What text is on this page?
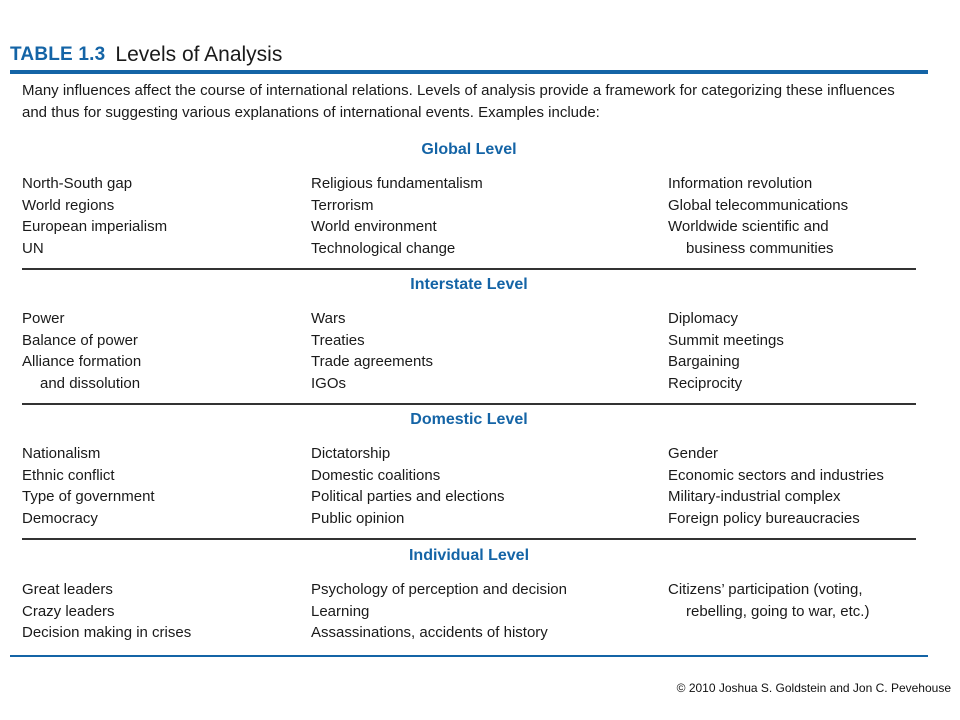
TABLE 1.3 Levels of Analysis
Many influences affect the course of international relations. Levels of analysis provide a framework for categorizing these influences and thus for suggesting various explanations of international events. Examples include:
Global Level
North-South gap
World regions
European imperialism
UN
Religious fundamentalism
Terrorism
World environment
Technological change
Information revolution
Global telecommunications
Worldwide scientific and
business communities
Interstate Level
Power
Balance of power
Alliance formation
and dissolution
Wars
Treaties
Trade agreements
IGOs
Diplomacy
Summit meetings
Bargaining
Reciprocity
Domestic Level
Nationalism
Ethnic conflict
Type of government
Democracy
Dictatorship
Domestic coalitions
Political parties and elections
Public opinion
Gender
Economic sectors and industries
Military-industrial complex
Foreign policy bureaucracies
Individual Level
Great leaders
Crazy leaders
Decision making in crises
Psychology of perception and decision
Learning
Assassinations, accidents of history
Citizens’ participation (voting,
rebelling, going to war, etc.)
© 2010 Joshua S. Goldstein and Jon C. Pevehouse
